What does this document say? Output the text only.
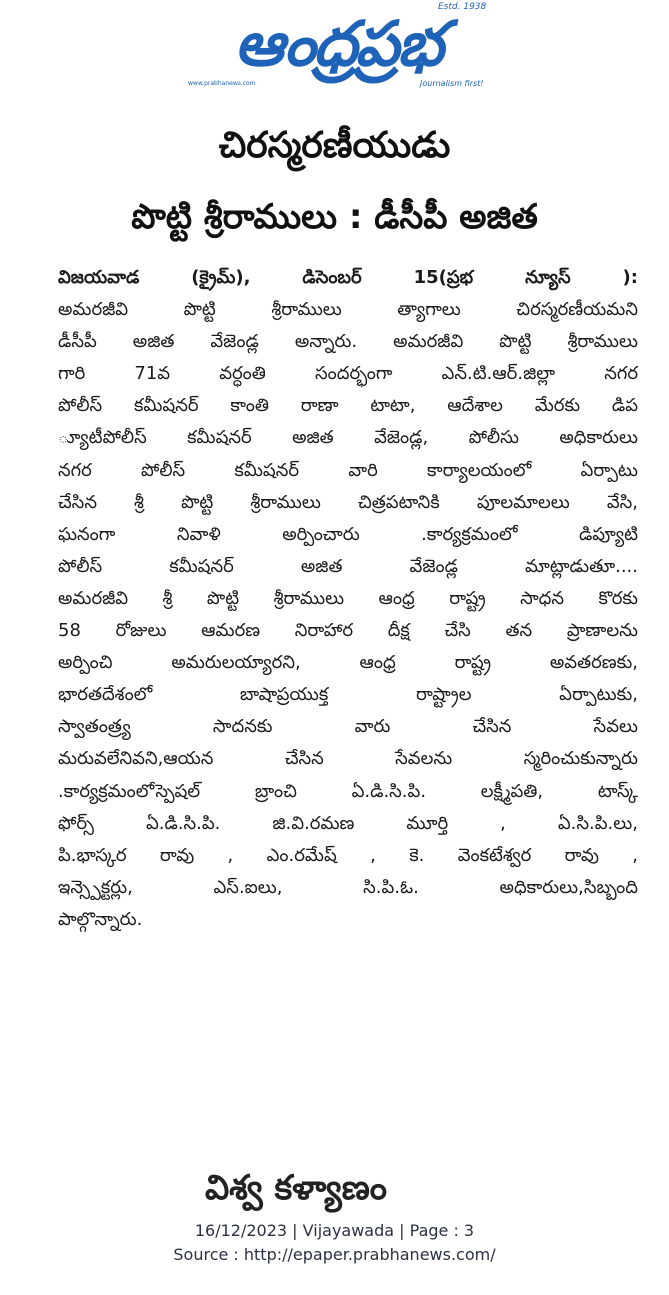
ఆంధ్రప్రభ
Estd. 1938
www.prabhanews.com	Journalism first!
చిరస్మరణీయుడు
పొట్టి శ్రీరాములు : డీసీపీ అజిత
విజయవాడ (క్రైమ్), డిసెంబర్ 15(ప్రభ న్యూస్ ):
అమరజీవి పొట్టి శ్రీరాములు త్యాగాలు చిరస్మరణీయమని
డీసీపీ అజిత వేజెండ్ల అన్నారు. అమరజీవి పొట్టి శ్రీరాములు
గారి 71వ వర్ధంతి సందర్భంగా ఎన్.టి.ఆర్.జిల్లా నగర
పోలీస్ కమీషనర్ కాంతి రాణా టాటా, ఆదేశాల మేరకు డిప
్యూటీపోలీస్ కమీషనర్ అజిత వేజెండ్ల, పోలీసు అధికారులు
నగర పోలీస్ కమీషనర్ వారి కార్యాలయంలో ఏర్పాటు
చేసిన శ్రీ పొట్టి శ్రీరాములు చిత్రపటానికి పూలమాలలు వేసి,
ఘనంగా నివాళి అర్పించారు .కార్యక్రమంలో డిప్యూటి
పోలీస్ కమీషనర్ అజిత వేజెండ్ల మాట్లాడుతూ....
అమరజీవి శ్రీ పొట్టి శ్రీరాములు ఆంధ్ర రాష్ట్ర సాధన కొరకు
58 రోజులు ఆమరణ నిరాహార దీక్ష చేసి తన ప్రాణాలను
అర్పించి అమరులయ్యారని, ఆంధ్ర రాష్ట్ర అవతరణకు,
భారతదేశంలో బాషాప్రయుక్త రాష్ట్రాల ఏర్పాటుకు,
స్వాతంత్ర్య సాదనకు వారు చేసిన సేవలు
మరువలేనివని,ఆయన చేసిన సేవలను స్మరించుకున్నారు
.కార్యక్రమంలోస్పెషల్ బ్రాంచి ఏ.డి.సి.పి. లక్ష్మీపతి, టాస్క్
ఫోర్స్ ఏ.డి.సి.పి. జి.వి.రమణ మూర్తి , ఏ.సి.పి.లు,
పి.భాస్కర రావు , ఎం.రమేష్ , కె. వెంకటేశ్వర రావు ,
ఇన్స్పెక్టర్లు, ఎస్.ఐలు, సి.పి.ఓ. అధికారులు,సిబ్బంది
పాల్గొన్నారు.
విశ్వ కళ్యాణం
16/12/2023 | Vijayawada | Page : 3
Source : http://epaper.prabhanews.com/
